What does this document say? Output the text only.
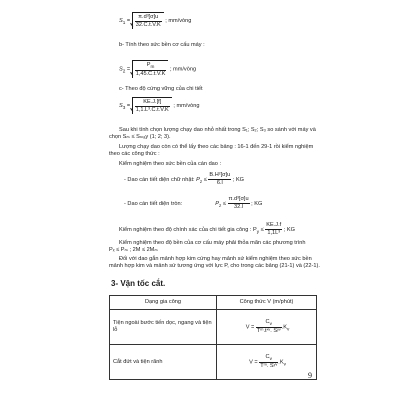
$S_1 = \frac{\text{π.d³[σ]u}}{32.C.t.V.K}$ ; mm/vòng
b- Tính theo sức bền cơ cấu máy :
$S_2 = \frac{P_m}{1,45.C.t.V.K}$ ; mm/vòng
c- Theo độ cứng vững của chi tiết
$S_3 = \frac{KE.J.[f]}{\text{1,1.L³.C.t.V.K}}$ ; mm/vòng
Sau khi tính chọn lượng chạy dao nhỏ nhất trong S₁; S₂; S₃ so sánh với máy và
chọn Sₘ ≤ Sₘₐy (1; 2; 3).
Lượng chạy dao còn có thể lấy theo các bảng : 16-1 đến 29-1 rồi kiểm nghiệm
theo các công thức :
Kiểm nghiệm theo sức bền của cán dao :
- Dao cán tiết diện chữ nhật: $P_z \le \frac{\text{B.H²[σ]u}}{6.l}$ ; KG
- Dao cán tiết diện tròn:	$P_z \le \frac{\text{π.d³[σ]u}}{32.l}$ ; KG
Kiểm nghiệm theo độ chính xác của chi tiết gia công : $P_y \le \frac{KE.J.f}{\text{1,1L³}}$ ; KG
Kiểm nghiệm theo độ bền của cơ cấu máy phải thỏa mãn các phương trình
Pₓ ≤ Pₘ ; 2M ≤ 2Mₘ
Đối với dao gắn mảnh hợp kim cứng hay mảnh sứ kiểm nghiệm theo sức bền
mảnh hợp kim và mảnh sứ tương ứng với lực P, cho trong các bảng (21-1) và (22-1).
3- Vận tốc cắt.
Dạng gia công	Công thức V (m/phút)
Tiện ngoài bước tiến dọc, ngang và tiện lỗ	$V = \frac{C_v}{\text{Tᵐ.tˣᵛ. Sʸᵛ}} .K_v$
Cắt đứt và tiện rãnh	$V = \frac{C_v}{\text{Tᵐ. Sʸᵛ}} .K_v$
9
